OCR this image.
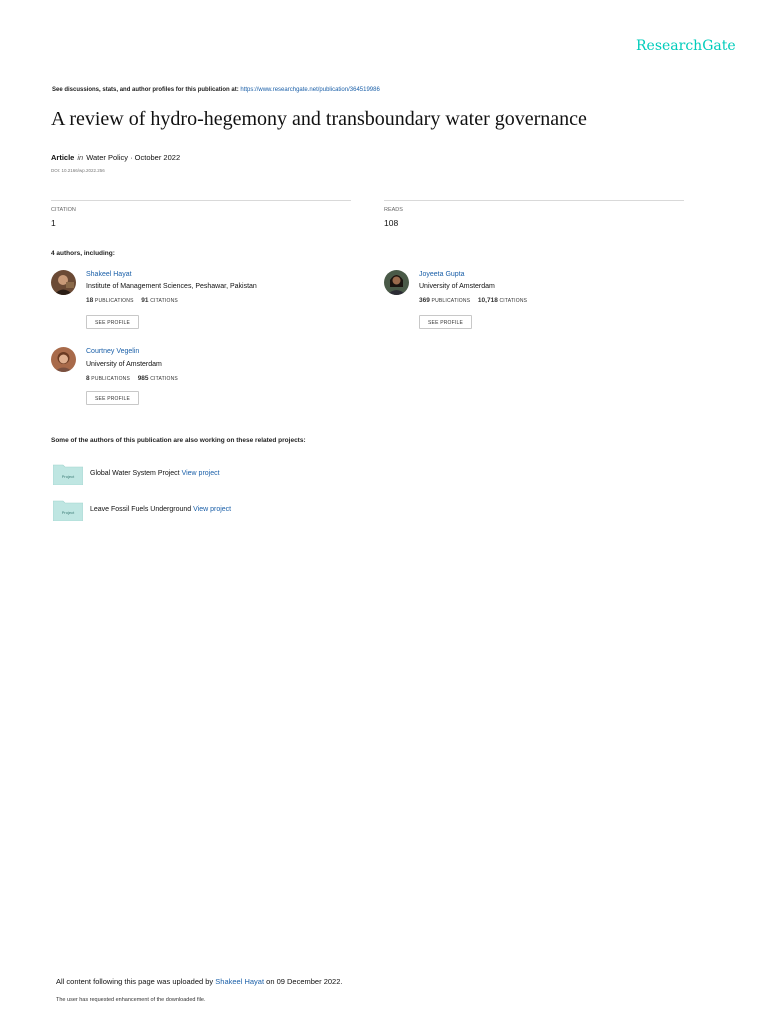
ResearchGate
See discussions, stats, and author profiles for this publication at: https://www.researchgate.net/publication/364519986
A review of hydro-hegemony and transboundary water governance
Article in Water Policy · October 2022
DOI: 10.2166/wp.2022.256
CITATION
1
READS
108
4 authors, including:
Shakeel Hayat
Institute of Management Sciences, Peshawar, Pakistan
18 PUBLICATIONS 91 CITATIONS
SEE PROFILE
Joyeeta Gupta
University of Amsterdam
369 PUBLICATIONS 10,718 CITATIONS
SEE PROFILE
Courtney Vegelin
University of Amsterdam
8 PUBLICATIONS 985 CITATIONS
SEE PROFILE
Some of the authors of this publication are also working on these related projects:
Project Global Water System Project View project
Project Leave Fossil Fuels Underground View project
All content following this page was uploaded by Shakeel Hayat on 09 December 2022.
The user has requested enhancement of the downloaded file.
